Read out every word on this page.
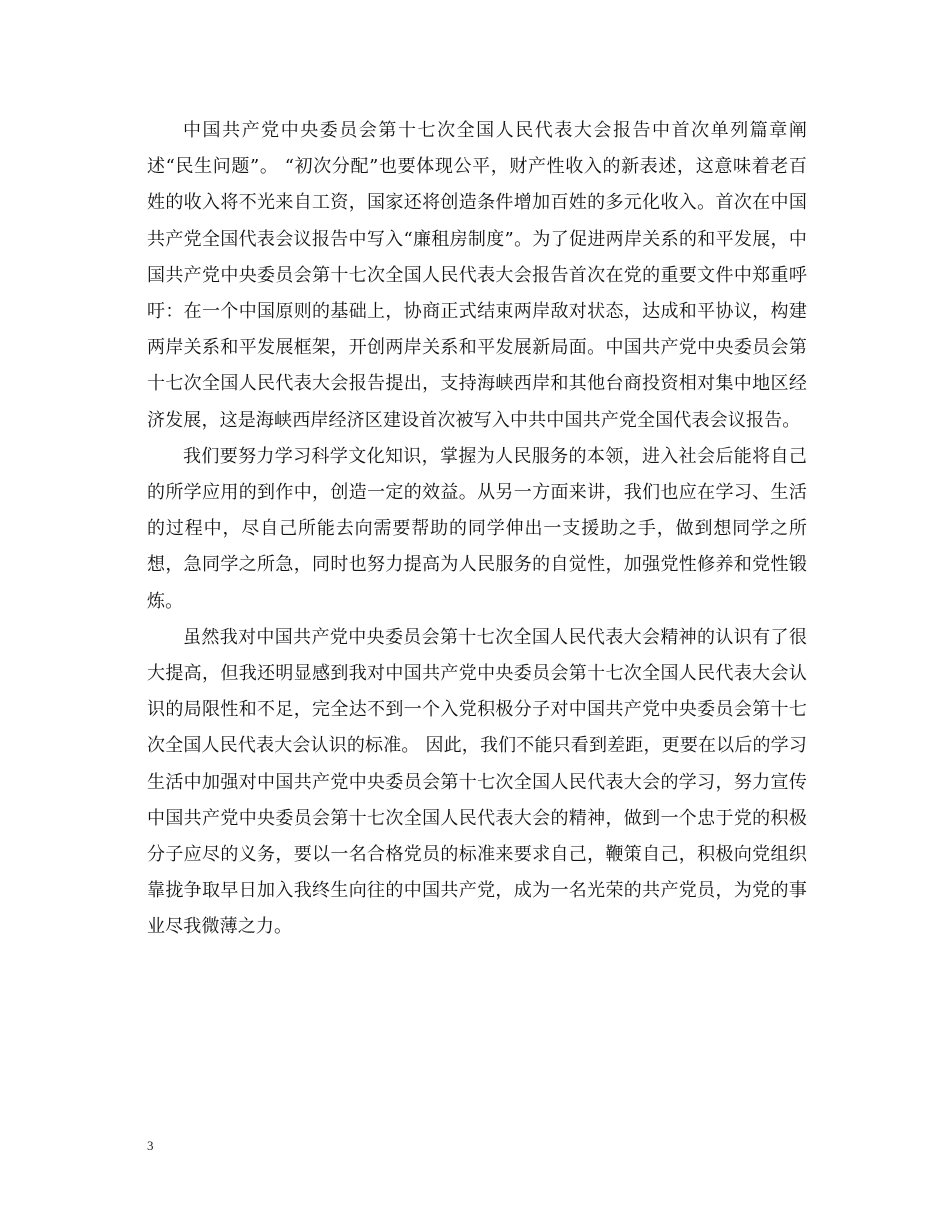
中国共产党中央委员会第十七次全国人民代表大会报告中首次单列篇章阐述“民生问题”。 “初次分配”也要体现公平，财产性收入的新表述，这意味着老百姓的收入将不光来自工资，国家还将创造条件增加百姓的多元化收入。首次在中国共产党全国代表会议报告中写入“廉租房制度”。为了促进两岸关系的和平发展，中国共产党中央委员会第十七次全国人民代表大会报告首次在党的重要文件中郑重呼吁：在一个中国原则的基础上，协商正式结束两岸敌对状态，达成和平协议，构建两岸关系和平发展框架，开创两岸关系和平发展新局面。中国共产党中央委员会第十七次全国人民代表大会报告提出，支持海峡西岸和其他台商投资相对集中地区经济发展，这是海峡西岸经济区建设首次被写入中共中国共产党全国代表会议报告。

我们要努力学习科学文化知识，掌握为人民服务的本领，进入社会后能将自己的所学应用的到作中，创造一定的效益。从另一方面来讲，我们也应在学习、生活的过程中，尽自己所能去向需要帮助的同学伸出一支援助之手，做到想同学之所想，急同学之所急，同时也努力提高为人民服务的自觉性，加强党性修养和党性锻炼。

虽然我对中国共产党中央委员会第十七次全国人民代表大会精神的认识有了很大提高，但我还明显感到我对中国共产党中央委员会第十七次全国人民代表大会认识的局限性和不足，完全达不到一个入党积极分子对中国共产党中央委员会第十七次全国人民代表大会认识的标准。 因此，我们不能只看到差距，更要在以后的学习生活中加强对中国共产党中央委员会第十七次全国人民代表大会的学习，努力宣传中国共产党中央委员会第十七次全国人民代表大会的精神，做到一个忠于党的积极分子应尽的义务，要以一名合格党员的标准来要求自己，鞭策自己，积极向党组织靠拢争取早日加入我终生向往的中国共产党，成为一名光荣的共产党员，为党的事业尽我微薄之力。

3
